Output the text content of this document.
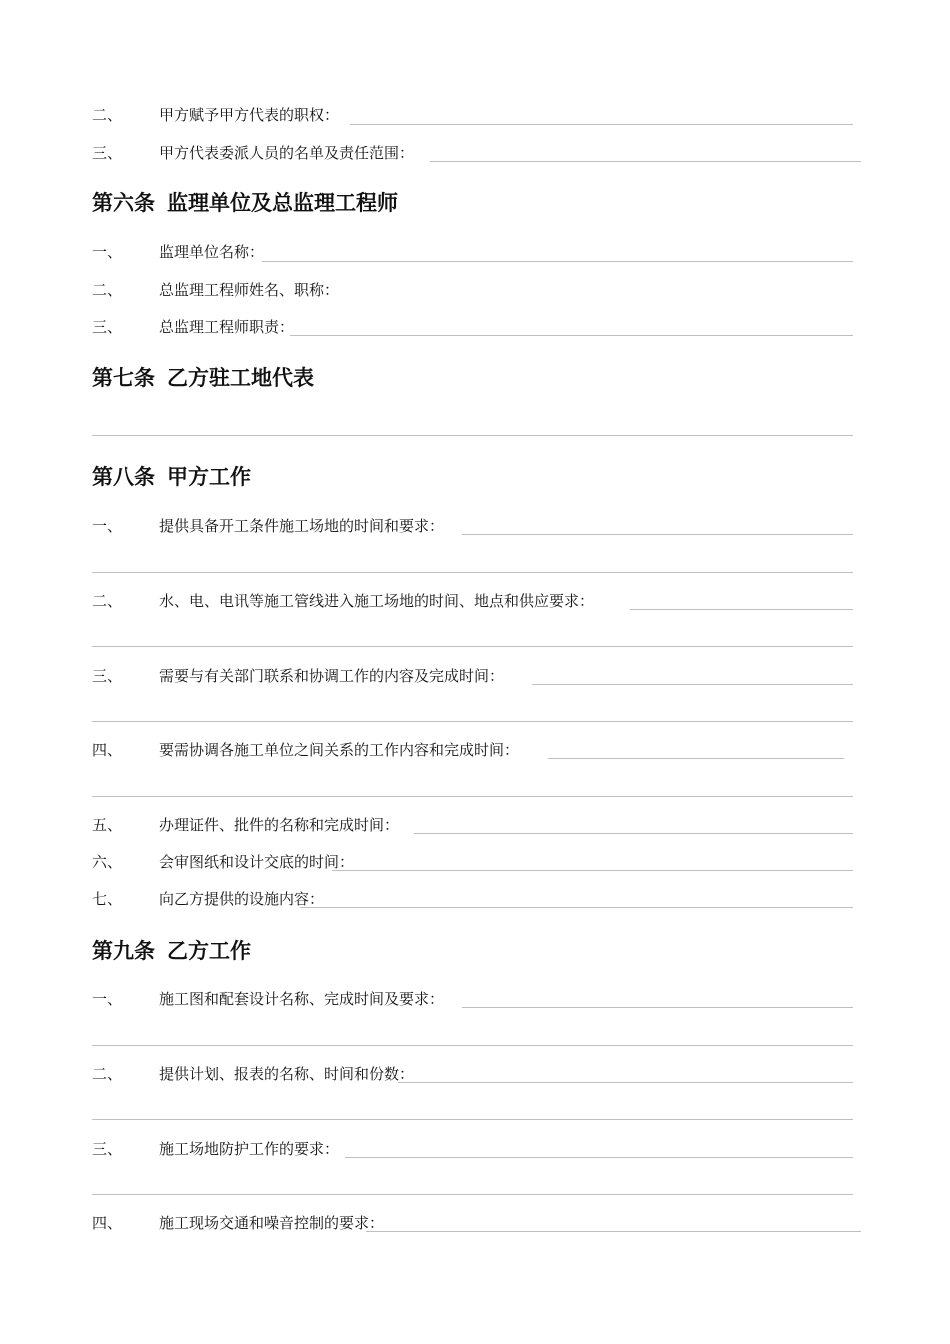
二、 甲方赋予甲方代表的职权：
三、 甲方代表委派人员的名单及责任范围：
第六条 监理单位及总监理工程师
一、 监理单位名称：
二、 总监理工程师姓名、职称：
三、 总监理工程师职责：
第七条 乙方驻工地代表
第八条 甲方工作
一、 提供具备开工条件施工场地的时间和要求：
二、 水、电、电讯等施工管线进入施工场地的时间、地点和供应要求：
三、 需要与有关部门联系和协调工作的内容及完成时间：
四、 要需协调各施工单位之间关系的工作内容和完成时间：
五、 办理证件、批件的名称和完成时间：
六、 会审图纸和设计交底的时间：
七、 向乙方提供的设施内容：
第九条 乙方工作
一、 施工图和配套设计名称、完成时间及要求：
二、 提供计划、报表的名称、时间和份数：
三、 施工场地防护工作的要求：
四、 施工现场交通和噪音控制的要求：
